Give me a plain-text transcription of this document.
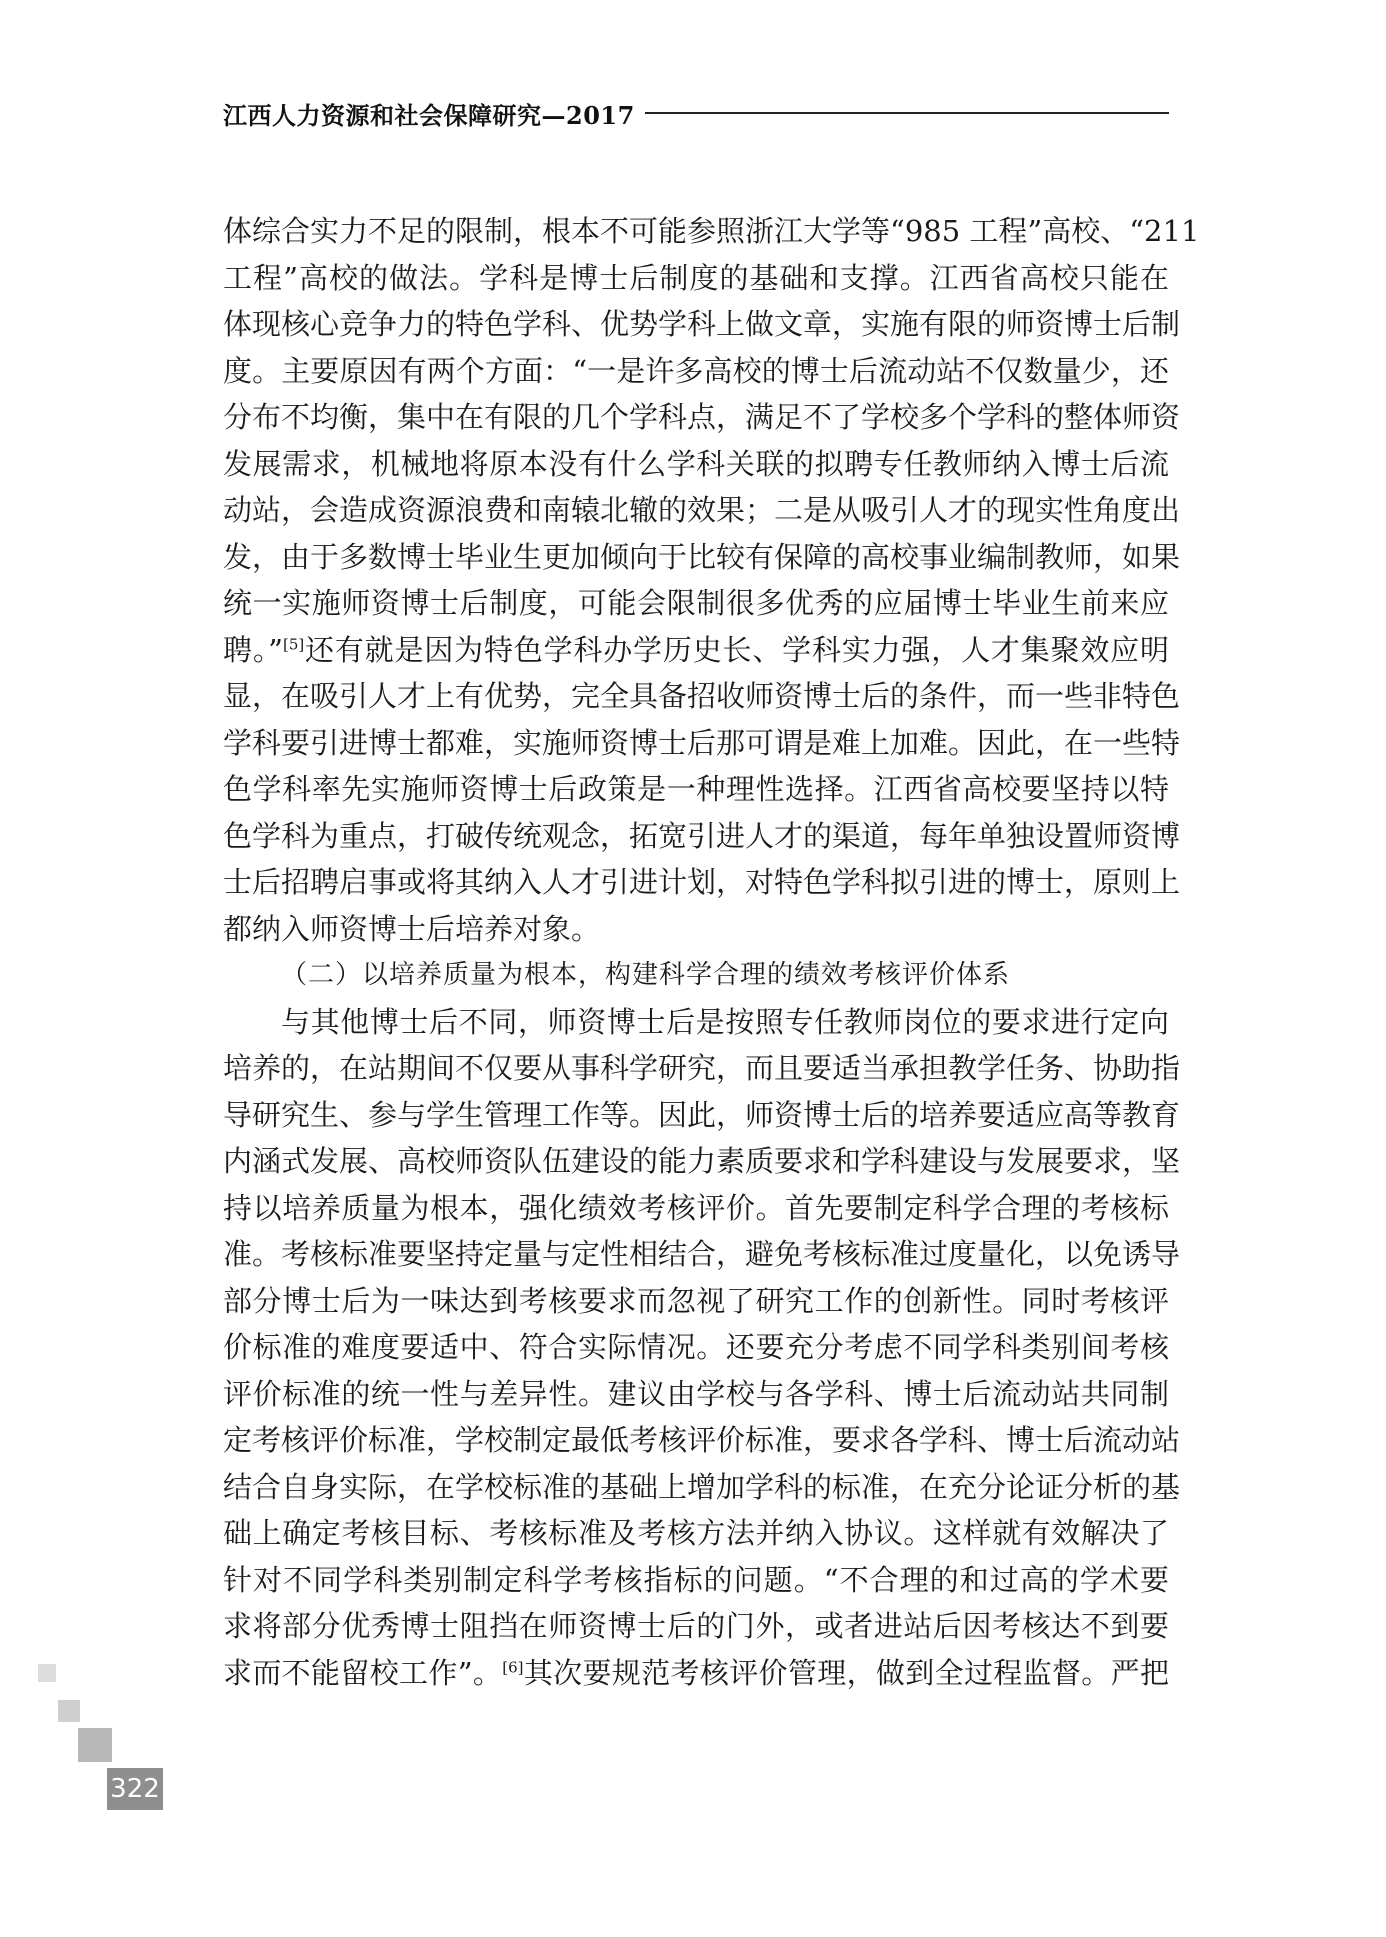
江西人力资源和社会保障研究—2017
体综合实力不足的限制，根本不可能参照浙江大学等“985 工程”高校、“211
工程”高校的做法。学科是博士后制度的基础和支撑。江西省高校只能在
体现核心竞争力的特色学科、优势学科上做文章，实施有限的师资博士后制
度。主要原因有两个方面：“一是许多高校的博士后流动站不仅数量少，还
分布不均衡，集中在有限的几个学科点，满足不了学校多个学科的整体师资
发展需求，机械地将原本没有什么学科关联的拟聘专任教师纳入博士后流
动站，会造成资源浪费和南辕北辙的效果；二是从吸引人才的现实性角度出
发，由于多数博士毕业生更加倾向于比较有保障的高校事业编制教师，如果
统一实施师资博士后制度，可能会限制很多优秀的应届博士毕业生前来应
聘。”[5]还有就是因为特色学科办学历史长、学科实力强，人才集聚效应明
显，在吸引人才上有优势，完全具备招收师资博士后的条件，而一些非特色
学科要引进博士都难，实施师资博士后那可谓是难上加难。因此，在一些特
色学科率先实施师资博士后政策是一种理性选择。江西省高校要坚持以特
色学科为重点，打破传统观念，拓宽引进人才的渠道，每年单独设置师资博
士后招聘启事或将其纳入人才引进计划，对特色学科拟引进的博士，原则上
都纳入师资博士后培养对象。
（二）以培养质量为根本，构建科学合理的绩效考核评价体系
与其他博士后不同，师资博士后是按照专任教师岗位的要求进行定向
培养的，在站期间不仅要从事科学研究，而且要适当承担教学任务、协助指
导研究生、参与学生管理工作等。因此，师资博士后的培养要适应高等教育
内涵式发展、高校师资队伍建设的能力素质要求和学科建设与发展要求，坚
持以培养质量为根本，强化绩效考核评价。首先要制定科学合理的考核标
准。考核标准要坚持定量与定性相结合，避免考核标准过度量化，以免诱导
部分博士后为一味达到考核要求而忽视了研究工作的创新性。同时考核评
价标准的难度要适中、符合实际情况。还要充分考虑不同学科类别间考核
评价标准的统一性与差异性。建议由学校与各学科、博士后流动站共同制
定考核评价标准，学校制定最低考核评价标准，要求各学科、博士后流动站
结合自身实际，在学校标准的基础上增加学科的标准，在充分论证分析的基
础上确定考核目标、考核标准及考核方法并纳入协议。这样就有效解决了
针对不同学科类别制定科学考核指标的问题。“不合理的和过高的学术要
求将部分优秀博士阻挡在师资博士后的门外，或者进站后因考核达不到要
求而不能留校工作”。[6]其次要规范考核评价管理，做到全过程监督。严把
322
